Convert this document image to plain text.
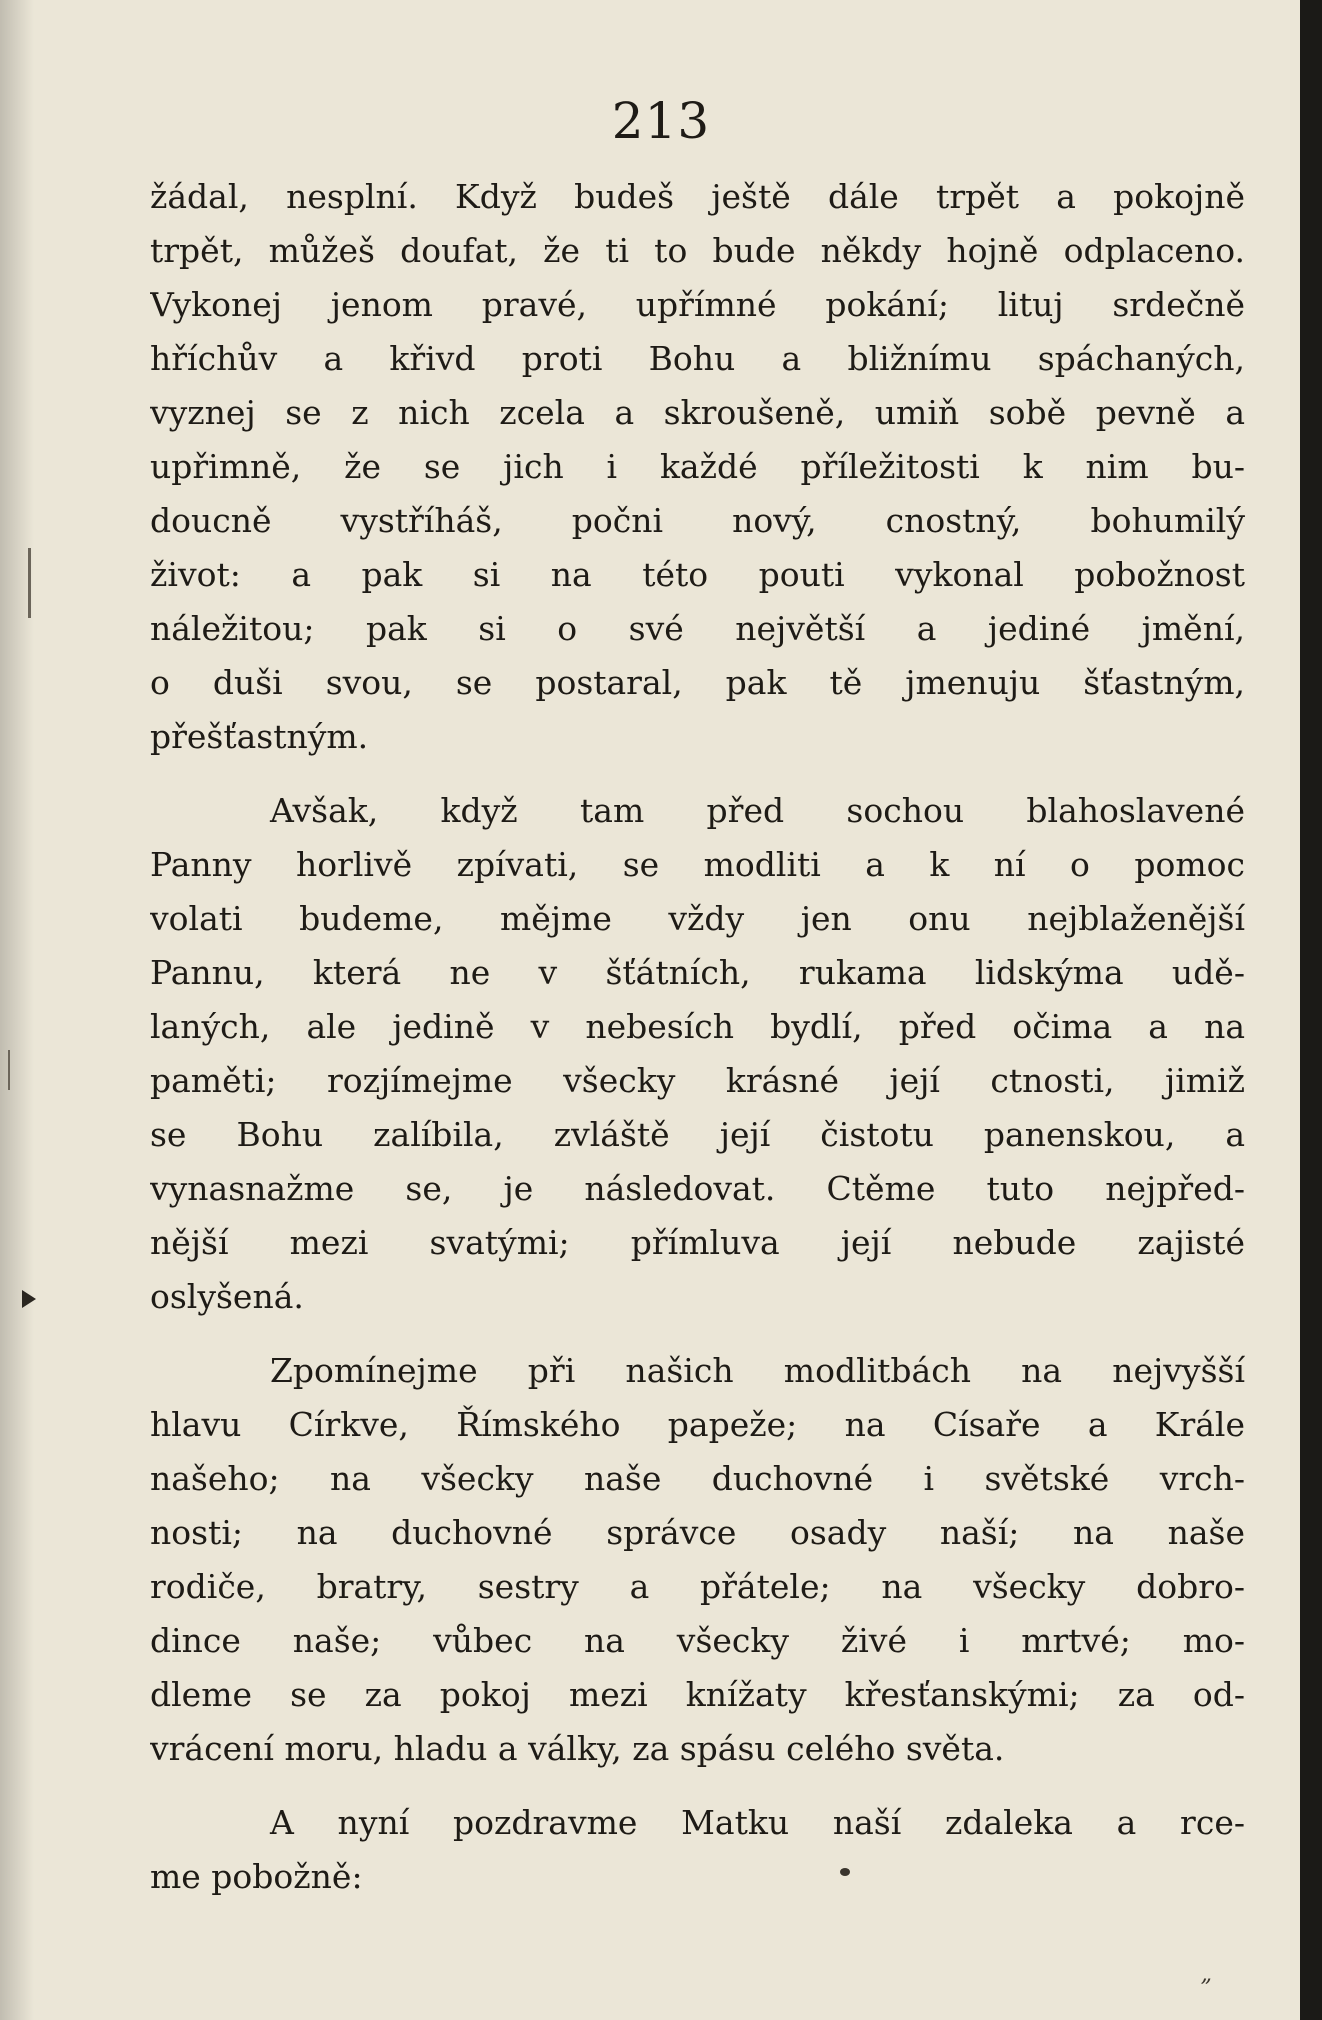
213

žádal, nesplní. Když budeš ještě dále trpět a pokojně
trpět, můžeš doufat, že ti to bude někdy hojně odplaceno.
Vykonej jenom pravé, upřímné pokání; lituj srdečně
hříchův a křivd proti Bohu a bližnímu spáchaných,
vyznej se z nich zcela a skroušeně, umiň sobě pevně a
upřimně, že se jich i každé příležitosti k nim bu-
doucně vystříháš, počni nový, cnostný, bohumilý
život: a pak si na této pouti vykonal pobožnost
náležitou; pak si o své největší a jediné jmění,
o duši svou, se postaral, pak tě jmenuju šťastným,
přešťastným.

Avšak, když tam před sochou blahoslavené
Panny horlivě zpívati, se modliti a k ní o pomoc
volati budeme, mějme vždy jen onu nejblaženější
Pannu, která ne v šťátních, rukama lidskýma udě-
laných, ale jedině v nebesích bydlí, před očima a na
paměti; rozjímejme všecky krásné její ctnosti, jimiž
se Bohu zalíbila, zvláště její čistotu panenskou, a
vynasnažme se, je následovat. Ctěme tuto nejpřed-
nější mezi svatými; přímluva její nebude zajisté
oslyšená.

Zpomínejme při našich modlitbách na nejvyšší
hlavu Církve, Římského papeže; na Císaře a Krále
našeho; na všecky naše duchovné i světské vrch-
nosti; na duchovné správce osady naší; na naše
rodiče, bratry, sestry a přátele; na všecky dobro-
dince naše; vůbec na všecky živé i mrtvé; mo-
dleme se za pokoj mezi knížaty křesťanskými; za od-
vrácení moru, hladu a války, za spásu celého světa.

A nyní pozdravme Matku naší zdaleka a rce-
me pobožně:

„
